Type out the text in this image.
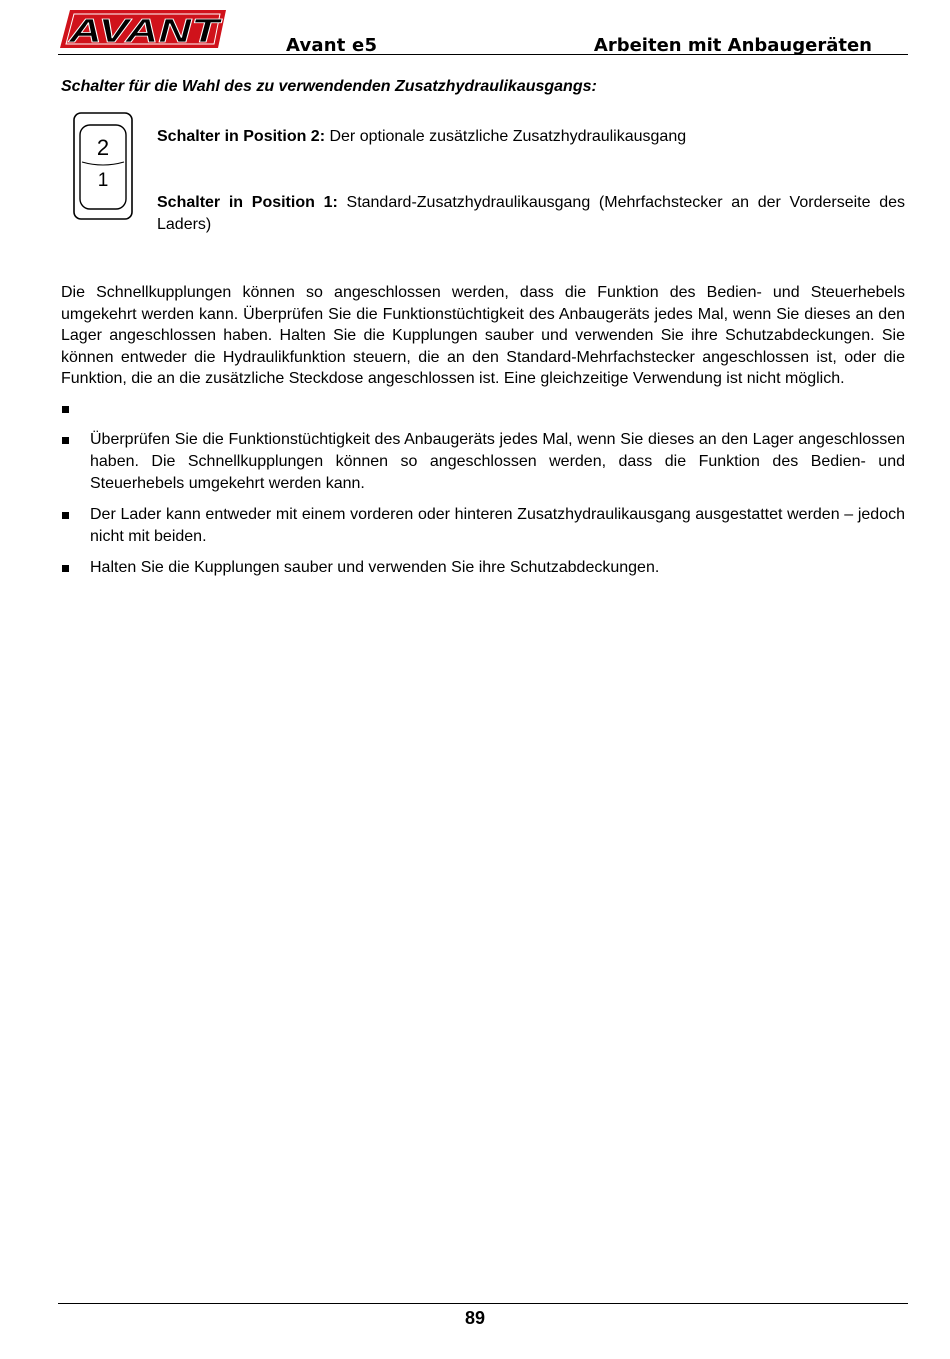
AVANT	Avant e5	Arbeiten mit Anbaugeräten
Schalter für die Wahl des zu verwendenden Zusatzhydraulikausgangs:
2
1
Schalter in Position 2: Der optionale zusätzliche Zusatzhydraulikausgang
Schalter in Position 1: Standard-Zusatzhydraulikausgang (Mehrfachstecker an der Vorderseite des Laders)
Die Schnellkupplungen können so angeschlossen werden, dass die Funktion des Bedien- und Steuerhebels umgekehrt werden kann. Überprüfen Sie die Funktionstüchtigkeit des Anbaugeräts jedes Mal, wenn Sie dieses an den Lager angeschlossen haben. Halten Sie die Kupplungen sauber und verwenden Sie ihre Schutzabdeckungen. Sie können entweder die Hydraulikfunktion steuern, die an den Standard-Mehrfachstecker angeschlossen ist, oder die Funktion, die an die zusätzliche Steckdose angeschlossen ist. Eine gleichzeitige Verwendung ist nicht möglich.
Überprüfen Sie die Funktionstüchtigkeit des Anbaugeräts jedes Mal, wenn Sie dieses an den Lager angeschlossen haben. Die Schnellkupplungen können so angeschlossen werden, dass die Funktion des Bedien- und Steuerhebels umgekehrt werden kann.
Der Lader kann entweder mit einem vorderen oder hinteren Zusatzhydraulikausgang ausgestattet werden – jedoch nicht mit beiden.
Halten Sie die Kupplungen sauber und verwenden Sie ihre Schutzabdeckungen.
89
